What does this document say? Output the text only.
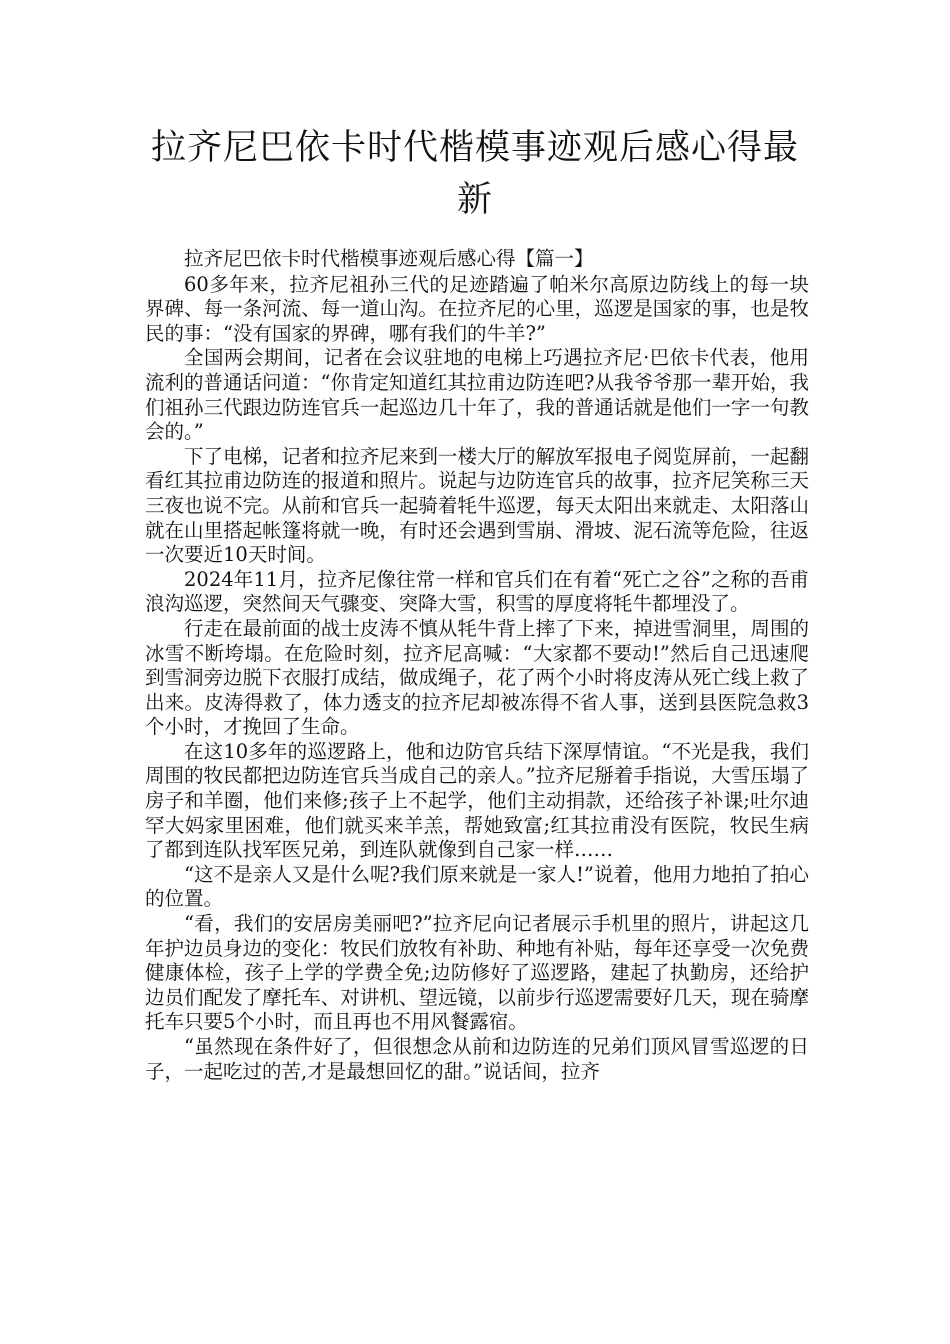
拉齐尼巴依卡时代楷模事迹观后感心得最新

拉齐尼巴依卡时代楷模事迹观后感心得【篇一】

60多年来，拉齐尼祖孙三代的足迹踏遍了帕米尔高原边防线上的每一块界碑、每一条河流、每一道山沟。在拉齐尼的心里，巡逻是国家的事，也是牧民的事：“没有国家的界碑，哪有我们的牛羊?”

全国两会期间，记者在会议驻地的电梯上巧遇拉齐尼·巴依卡代表，他用流利的普通话问道：“你肯定知道红其拉甫边防连吧?从我爷爷那一辈开始，我们祖孙三代跟边防连官兵一起巡边几十年了，我的普通话就是他们一字一句教会的。”

下了电梯，记者和拉齐尼来到一楼大厅的解放军报电子阅览屏前，一起翻看红其拉甫边防连的报道和照片。说起与边防连官兵的故事，拉齐尼笑称三天三夜也说不完。从前和官兵一起骑着牦牛巡逻，每天太阳出来就走、太阳落山就在山里搭起帐篷将就一晚，有时还会遇到雪崩、滑坡、泥石流等危险，往返一次要近10天时间。

2024年11月，拉齐尼像往常一样和官兵们在有着“死亡之谷”之称的吾甫浪沟巡逻，突然间天气骤变、突降大雪，积雪的厚度将牦牛都埋没了。

行走在最前面的战士皮涛不慎从牦牛背上摔了下来，掉进雪洞里，周围的冰雪不断垮塌。在危险时刻，拉齐尼高喊：“大家都不要动!”然后自己迅速爬到雪洞旁边脱下衣服打成结，做成绳子，花了两个小时将皮涛从死亡线上救了出来。皮涛得救了，体力透支的拉齐尼却被冻得不省人事，送到县医院急救3个小时，才挽回了生命。

在这10多年的巡逻路上，他和边防官兵结下深厚情谊。“不光是我，我们周围的牧民都把边防连官兵当成自己的亲人。”拉齐尼掰着手指说，大雪压塌了房子和羊圈，他们来修;孩子上不起学，他们主动捐款，还给孩子补课;吐尔迪罕大妈家里困难，他们就买来羊羔，帮她致富;红其拉甫没有医院，牧民生病了都到连队找军医兄弟，到连队就像到自己家一样……

“这不是亲人又是什么呢?我们原来就是一家人!”说着，他用力地拍了拍心的位置。

“看，我们的安居房美丽吧?”拉齐尼向记者展示手机里的照片，讲起这几年护边员身边的变化：牧民们放牧有补助、种地有补贴，每年还享受一次免费健康体检，孩子上学的学费全免;边防修好了巡逻路，建起了执勤房，还给护边员们配发了摩托车、对讲机、望远镜，以前步行巡逻需要好几天，现在骑摩托车只要5个小时，而且再也不用风餐露宿。

“虽然现在条件好了，但很想念从前和边防连的兄弟们顶风冒雪巡逻的日子，一起吃过的苦,才是最想回忆的甜。”说话间，拉齐
